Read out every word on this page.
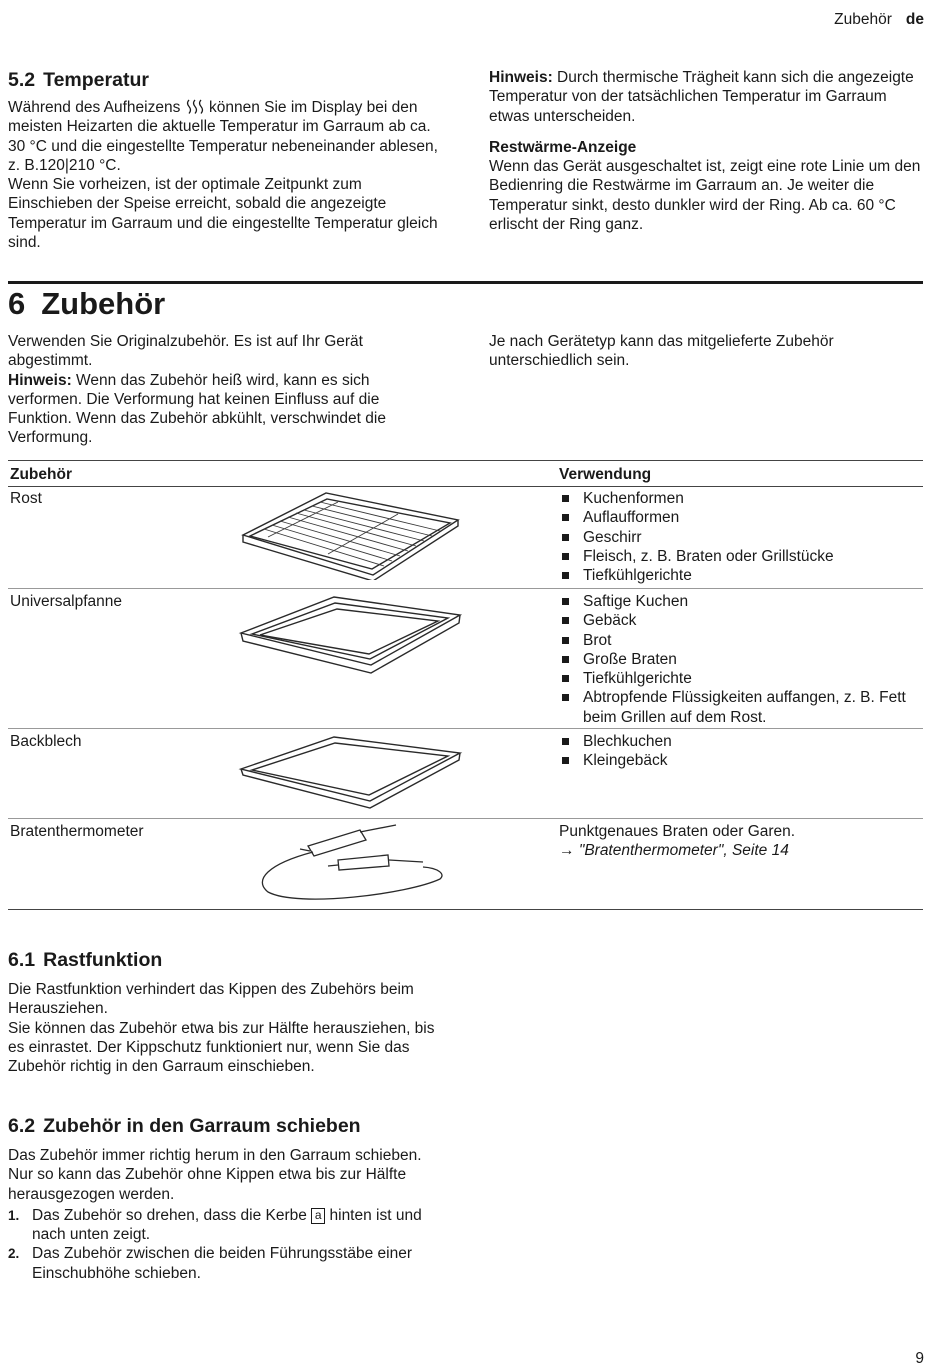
Zubehör de
5.2 Temperatur

Während des Aufheizens können Sie im Display bei den meisten Heizarten die aktuelle Temperatur im Garraum ab ca. 30 °C und die eingestellte Temperatur nebeneinander ablesen, z. B.120|210 °C.

Wenn Sie vorheizen, ist der optimale Zeitpunkt zum Einschieben der Speise erreicht, sobald die angezeigte Temperatur im Garraum und die eingestellte Temperatur gleich sind.

Hinweis: Durch thermische Trägheit kann sich die angezeigte Temperatur von der tatsächlichen Temperatur im Garraum etwas unterscheiden.

Restwärme-Anzeige

Wenn das Gerät ausgeschaltet ist, zeigt eine rote Linie um den Bedienring die Restwärme im Garraum an. Je weiter die Temperatur sinkt, desto dunkler wird der Ring. Ab ca. 60 °C erlischt der Ring ganz.

6 Zubehör

Verwenden Sie Originalzubehör. Es ist auf Ihr Gerät abgestimmt.

Hinweis: Wenn das Zubehör heiß wird, kann es sich verformen. Die Verformung hat keinen Einfluss auf die Funktion. Wenn das Zubehör abkühlt, verschwindet die Verformung.

Je nach Gerätetyp kann das mitgelieferte Zubehör unterschiedlich sein.

Zubehör	Verwendung
Rost	Kuchenformen
Auflaufformen
Geschirr
Fleisch, z. B. Braten oder Grillstücke
Tiefkühlgerichte
Universalpfanne	Saftige Kuchen
Gebäck
Brot
Große Braten
Tiefkühlgerichte
Abtropfende Flüssigkeiten auffangen, z. B. Fett beim Grillen auf dem Rost.
Backblech	Blechkuchen
Kleingebäck
Bratenthermometer	Punktgenaues Braten oder Garen.

→ "Bratenthermometer", Seite 14

6.1 Rastfunktion

Die Rastfunktion verhindert das Kippen des Zubehörs beim Herausziehen.

Sie können das Zubehör etwa bis zur Hälfte herausziehen, bis es einrastet. Der Kippschutz funktioniert nur, wenn Sie das Zubehör richtig in den Garraum einschieben.

6.2 Zubehör in den Garraum schieben

Das Zubehör immer richtig herum in den Garraum schieben. Nur so kann das Zubehör ohne Kippen etwa bis zur Hälfte herausgezogen werden.

1. Das Zubehör so drehen, dass die Kerbe a hinten ist und nach unten zeigt.
2. Das Zubehör zwischen die beiden Führungsstäbe einer Einschubhöhe schieben.
9
